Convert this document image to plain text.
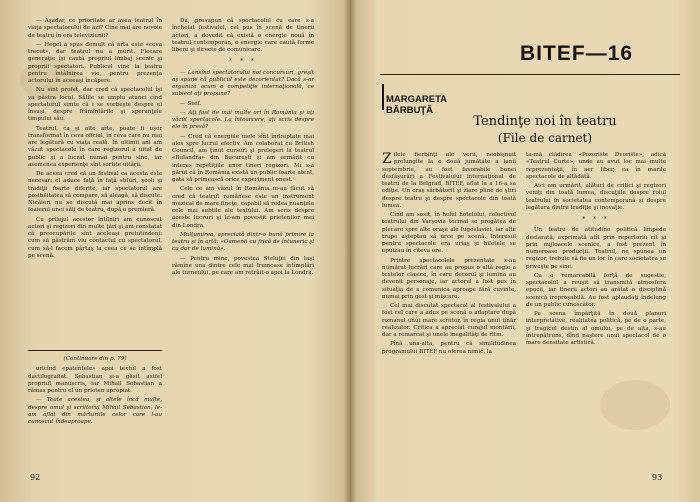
— Aşadar, ce prioritate ar avea teatrul în viaţa spectatorului de azi? Cine mai are nevoie de teatru în era televiziunii?

— Hegel a spus demult că arta este «ceva trecut», dar teatrul nu a murit. Fiecare generaţie îşi caută propriul limbaj scenic şi propriii spectatori. Publicul vine la teatru pentru întâlnirea vie, pentru prezenţa actorului în aceeaşi încăpere.

Nu sînt profet, dar cred că spectacolul îşi va păstra locul. Sălile se umplu atunci cînd spectatorul simte că i se vorbeşte despre el însuşi, despre frămîntările şi speranţele timpului său.

Teatrul, ca și alte arte, poate fi uşor transformat în ceva oficial, în ceva care nu mai are legătură cu viaţa reală. În ultimii ani am văzut spectacole în care regizorul a uitat de public şi a lucrat numai pentru sine, iar asemenea experienţe sînt sortite uitării.

De aceea cred că un festival ca acesta este necesar: el aduce faţă în faţă stiluri, şcoli şi tradiţii foarte diferite, iar spectatorul are posibilitatea să compare, să aleagă, să discute. Nicăieri nu se discută mai aprins decît în foaierul unei săli de teatru, după o premieră.

Cu prilejul acestor întîlniri am cunoscut actori şi regizori din multe ţări şi am constatat că preocupările sînt aceleaşi pretutindeni: cum să păstrăm viu contactul cu spectatorul, cum să-l facem părtaş la ceea ce se întîmplă pe scenă.

Da, presupun că spectacolul cu care s-a încheiat festivalul, cel pus în scenă de tinerii actori, a dovedit că există o energie nouă în teatrul contemporan, o energie care caută forme libere şi directe de comunicare.

* * *

— Lansînd spectatorului noi concursuri, greşit aş spune că publicul este dezorientat? Dacă s-ar organiza acum o competiţie internaţională, ce subiect aţi propune?

— Sisif.

— Aţi fost de mai multe ori în România şi aţi văzut spectacole. La întoarcere, aţi scris despre ele în presă?

— Cred că energiile mele sînt îndreptate mai ales spre lucrul efectiv. Am colaborat cu British Council, am ţinut cursuri şi prelegeri la teatrul «Bulandra» din Bucureşti şi am urmărit cu interes repetiţiile unor tineri regizori. Mi s-a părut că în România există un public foarte atent, gata să primească orice experiment onest.

Cele ce am văzut în România m-au făcut să cred că teatrul românesc este un instrument muzical de mare fineţe, capabil să redea nuanţele cele mai subtile ale textului. Am scris despre aceste lucruri şi le-am povestit prietenilor mei din Londra.

Mulţumirea, apreciată dintr-o bună primire la teatru şi în artă: «Oamenii cu frică de întuneric şi cu dor de lumină».

— Pentru mine, povestea Steluţei din Iaşi rămîne una dintre cele mai frumoase întîmplări ale turneului, pe care am retrăit-o apoi la Londra.

(Continuare din p. 79)

oricînd «patentele» apoi textul a fost dactilografiat. Sebastian şi-a găsit astfel propriul manuscris, iar Mihail Sebastian a rămas pentru el un prieten apropiat.

— Toate acestea, şi altele încă multe, despre omul şi scriitorul Mihail Sebastian, le-am aflat din mărturiile celor care l-au cunoscut îndeaproape.

92
BITEF—16
MARGARETA
BĂRBUŢĂ
Tendinţe noi în teatru
(File de carnet)

Zilele fierbinţi ale verii, neobişnuit prelungite la o două jumătate a lunii septembrie, au fost favorabile bunei desfăşurări a Festivalului internaţional de teatru de la Belgrad, BITEF, aflat la a 16-a sa ediţie. Un oraş sărbătorit şi ziare pline de ştiri despre teatru şi despre spectacole din toată lumea.

Cînd am sosit, în holul hotelului, colectivul teatrului din Varşovia tocmai se pregătea de plecare spre alte oraşe ale Iugoslaviei, iar alte trupe aşteptau să urce pe scenă. Interesul pentru spectacole era uriaş şi biletele se epuizau în cîteva ore.

Printre spectacolele prezentate s-au numărat lucrări care au propus o altă regie a textelor clasice, în care decorul şi lumina au devenit personaje, iar actorul a fost pus în situaţia de a comunica aproape fără cuvinte, numai prin gest şi mişcare.

Cel mai discutat spectacol al festivalului a fost cel care a adus pe scenă o adaptare după romanul unui mare scriitor, în regia unui tînăr realizator. Critica a apreciat curajul montării, dar a remarcat şi unele inegalităţi de ritm.

Pînă una-alta, pentru că similitudinea programului BITEF nu oferea nimic, la

ta-mă clădirea «Pozorište Dvorište», adică «Teatrul Curte», unde au avut loc mai multe reprezentaţii, în aer liber, ca în marile spectacole de altădată.

Aici am urmărit, alături de critici şi regizori veniţi din toată lumea, discuţiile despre rolul teatrului în societatea contemporană şi despre legătura dintre tradiţie şi inovaţie.

* * *

Un teatru de atitudine politică limpede declarată, exprimată atît prin repertoriu cît şi prin mijloacele scenice, a fost prezent în numeroase producţii. Teatrul, ne spunea un regizor, trebuie să fie un loc în care societatea se priveşte pe sine.

Cu o remarcabilă forţă de sugestie, spectacolul a reuşit să transmită atmosfera epocii, iar tinerii actori au arătat o disciplină scenică ireproşabilă. Au fost aplaudaţi îndelung de un public cunoscător.

Pe scena împărţită în două planuri interpretative, realitatea politică, pe de o parte, şi tragicul destin al omului, pe de alta, s-au întrepătruns, dînd naştere unui spectacol de o mare densitate artistică.

93
